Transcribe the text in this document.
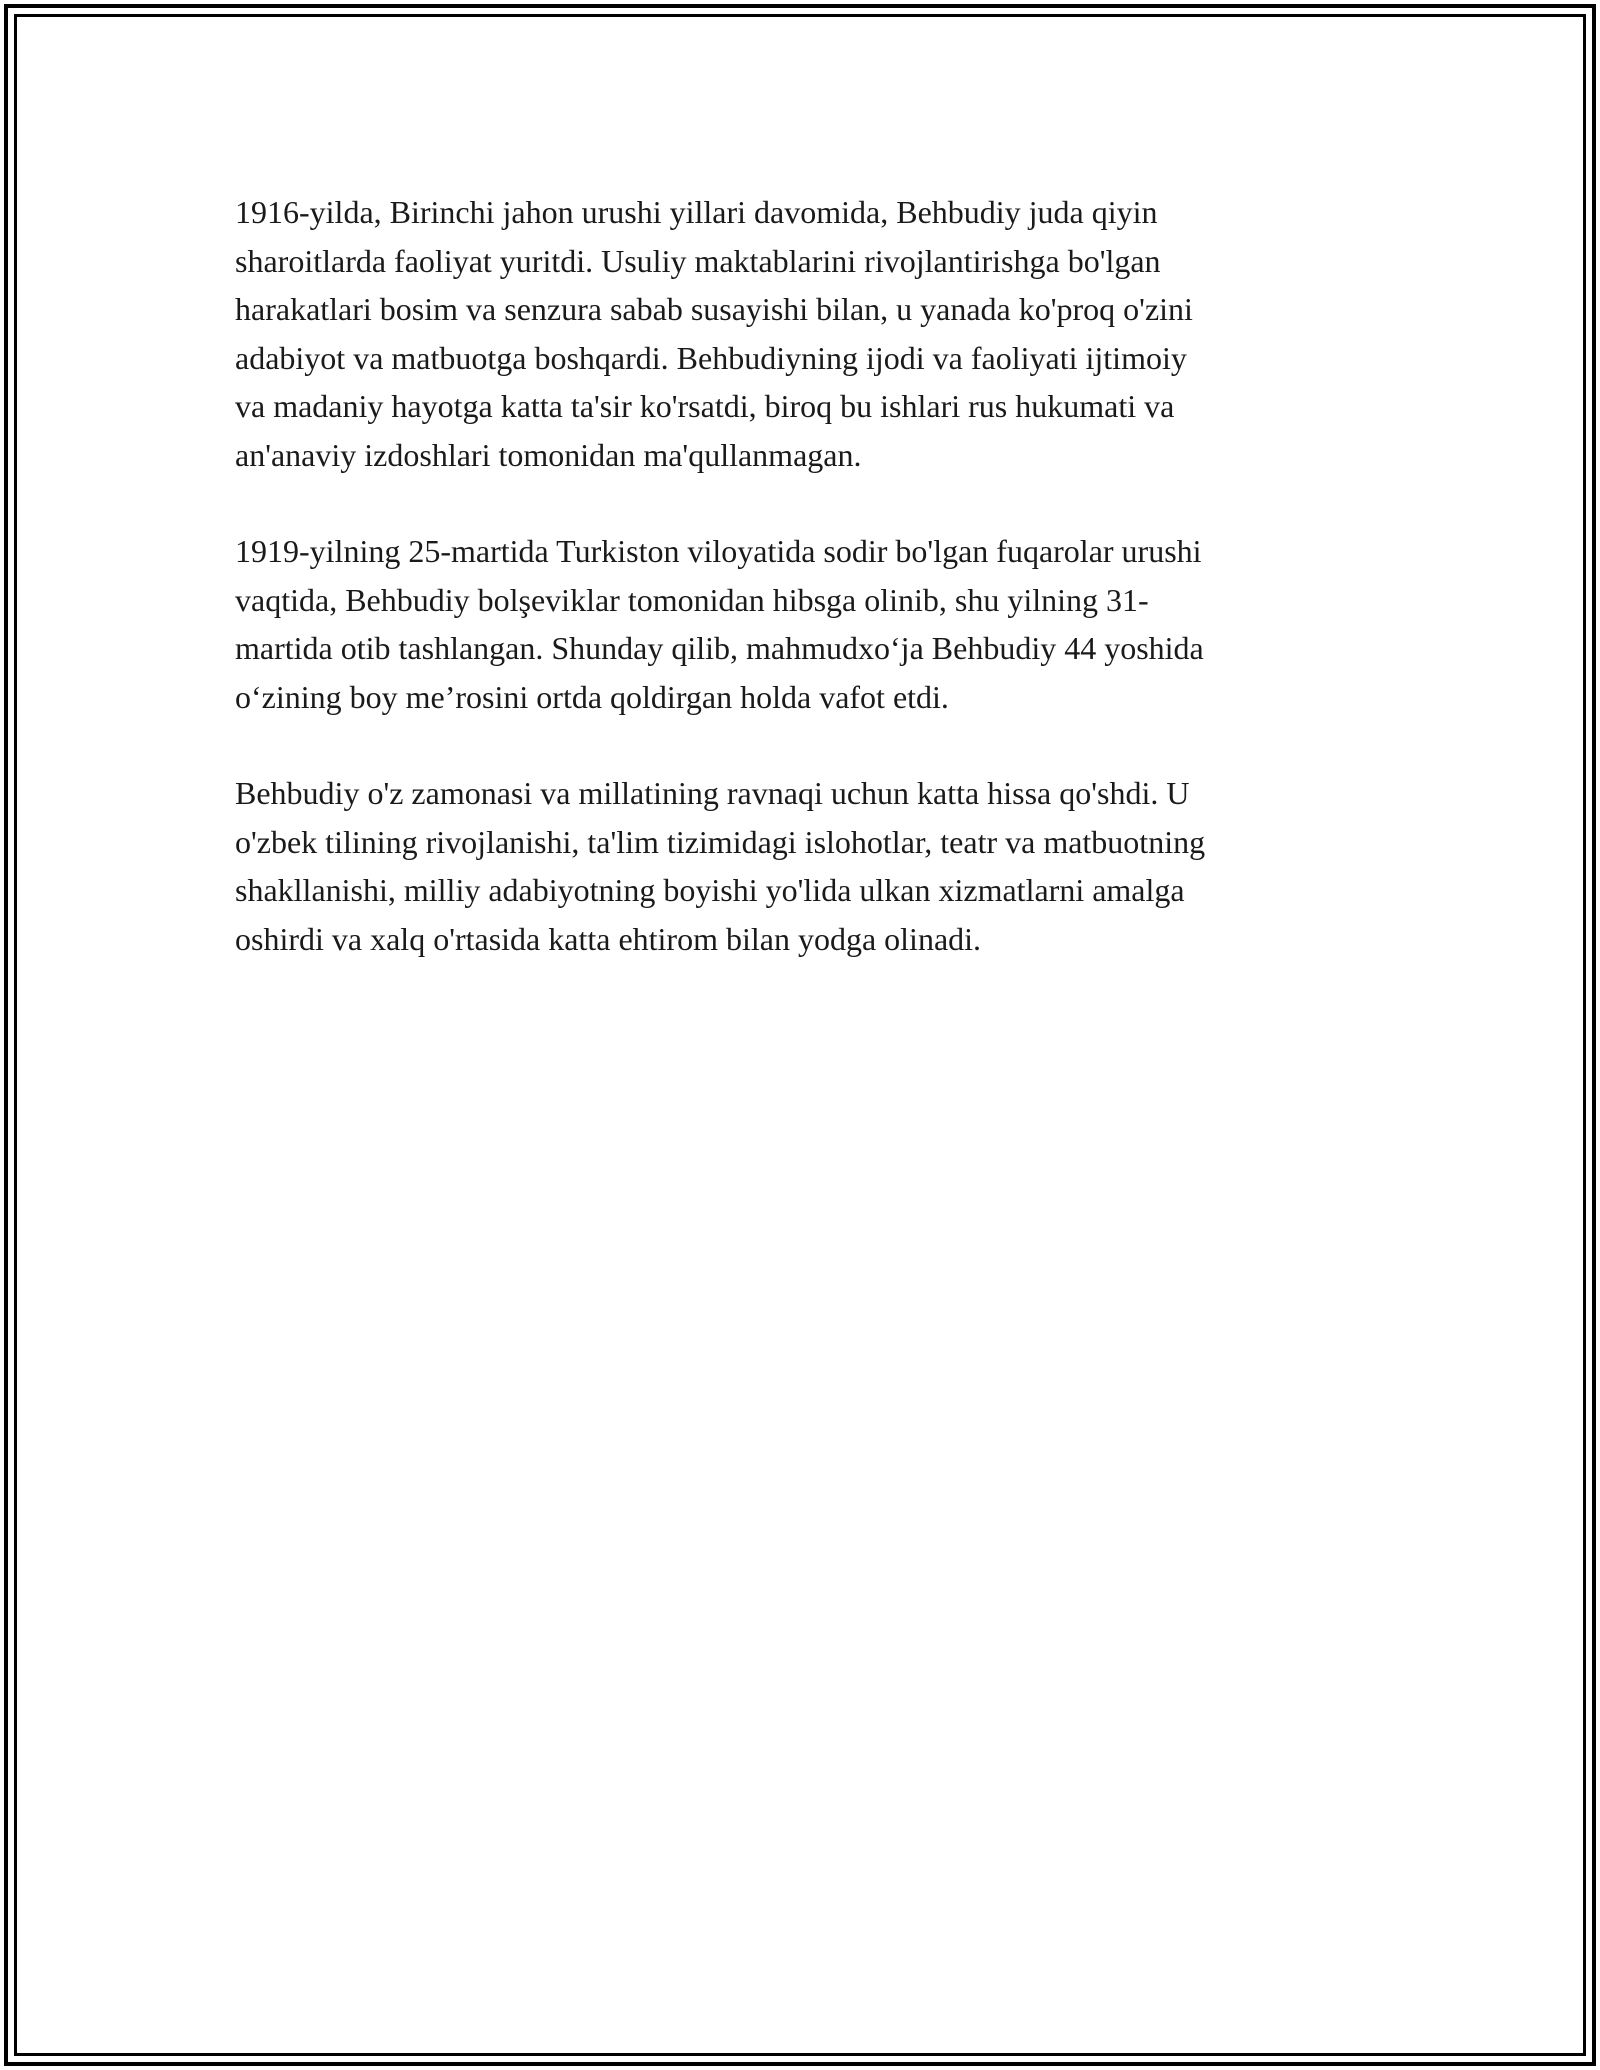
1916-yilda, Birinchi jahon urushi yillari davomida, Behbudiy juda qiyin
sharoitlarda faoliyat yuritdi. Usuliy maktablarini rivojlantirishga bo'lgan
harakatlari bosim va senzura sabab susayishi bilan, u yanada ko'proq o'zini
adabiyot va matbuotga boshqardi. Behbudiyning ijodi va faoliyati ijtimoiy
va madaniy hayotga katta ta'sir ko'rsatdi, biroq bu ishlari rus hukumati va
an'anaviy izdoshlari tomonidan ma'qullanmagan.

1919-yilning 25-martida Turkiston viloyatida sodir bo'lgan fuqarolar urushi
vaqtida, Behbudiy bolşeviklar tomonidan hibsga olinib, shu yilning 31-
martida otib tashlangan. Shunday qilib, mahmudxo‘ja Behbudiy 44 yoshida
o‘zining boy me’rosini ortda qoldirgan holda vafot etdi.

Behbudiy o'z zamonasi va millatining ravnaqi uchun katta hissa qo'shdi. U
o'zbek tilining rivojlanishi, ta'lim tizimidagi islohotlar, teatr va matbuotning
shakllanishi, milliy adabiyotning boyishi yo'lida ulkan xizmatlarni amalga
oshirdi va xalq o'rtasida katta ehtirom bilan yodga olinadi.
